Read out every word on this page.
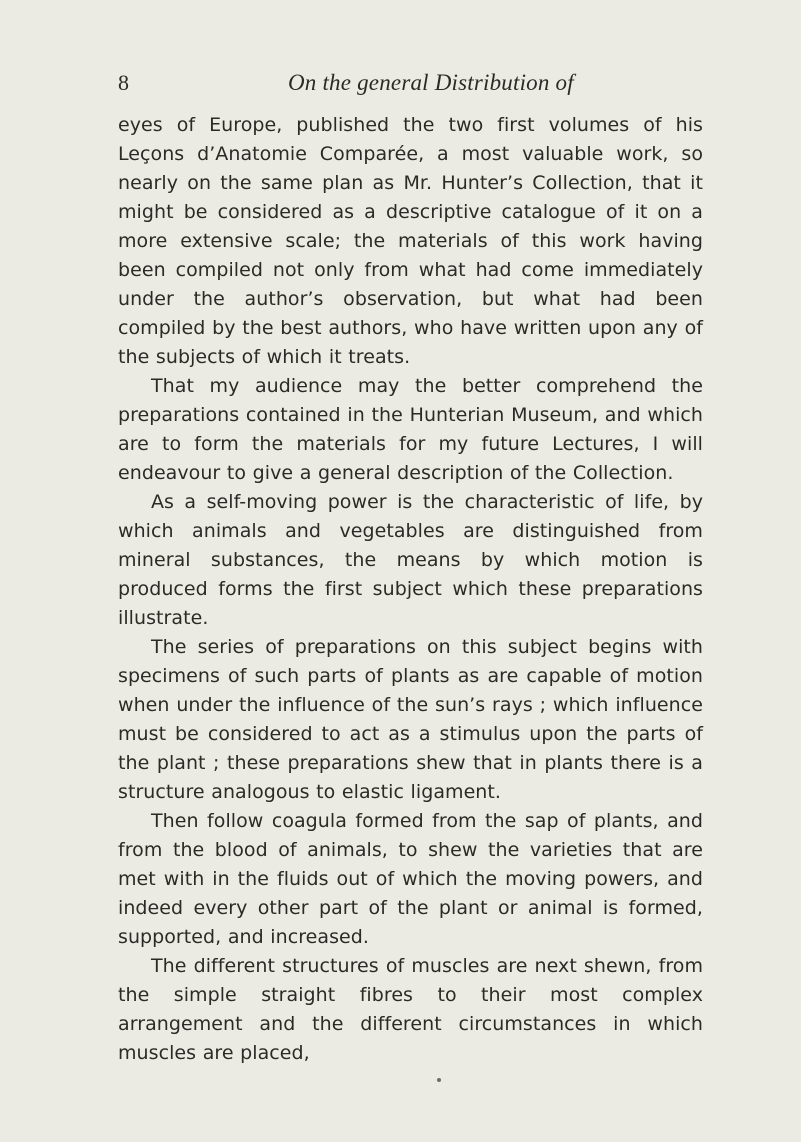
8	On the general Distribution of

eyes of Europe, published the two first volumes of his Leçons d’Anatomie Comparée, a most valuable work, so nearly on the same plan as Mr. Hunter’s Collection, that it might be considered as a descriptive catalogue of it on a more extensive scale; the materials of this work having been compiled not only from what had come immediately under the author’s observation, but what had been compiled by the best authors, who have written upon any of the subjects of which it treats.

That my audience may the better comprehend the preparations contained in the Hunterian Museum, and which are to form the materials for my future Lectures, I will endeavour to give a general description of the Collection.

As a self-moving power is the characteristic of life, by which animals and vegetables are distinguished from mineral substances, the means by which motion is produced forms the first subject which these preparations illustrate.

The series of preparations on this subject begins with specimens of such parts of plants as are capable of motion when under the influence of the sun’s rays ; which influence must be considered to act as a stimulus upon the parts of the plant ; these preparations shew that in plants there is a structure analogous to elastic ligament.

Then follow coagula formed from the sap of plants, and from the blood of animals, to shew the varieties that are met with in the fluids out of which the moving powers, and indeed every other part of the plant or animal is formed, supported, and increased.

The different structures of muscles are next shewn, from the simple straight fibres to their most complex arrangement and the different circumstances in which muscles are placed,
